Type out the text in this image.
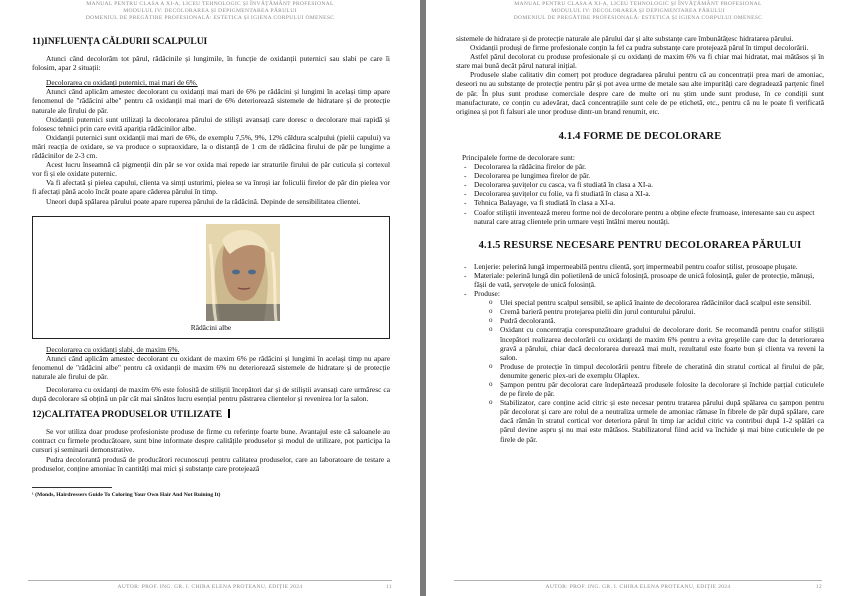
MANUAL PENTRU CLASA A XI-A, LICEU TEHNOLOGIC ȘI ÎNVĂȚĂMÂNT PROFESIONAL
MODULUL IV: DECOLORAREA ȘI DEPIGMENTAREA PĂRULUI
DOMENIUL DE PREGĂTIRE PROFESIONALĂ: ESTETICA ȘI IGIENA CORPULUI OMENESC
11)INFLUENȚA CĂLDURII SCALPULUI

Atunci când decolorăm tot părul, rădăcinile și lungimile, în funcție de oxidanții puternici sau slabi pe care îi folosim, apar 2 situații:

Decolorarea cu oxidanți puternici, mai mari de 6%.

Atunci când aplicăm amestec decolorant cu oxidanți mai mari de 6% pe rădăcini și lungimi în același timp apare fenomenul de "rădăcini albe" pentru că oxidanții mai mari de 6% deteriorează sistemele de hidratare și de protecție naturale ale firului de păr.

Oxidanții puternici sunt utilizați la decolorarea părului de stiliști avansați care doresc o decolorare mai rapidă și folosesc tehnici prin care evită apariția rădăcinilor albe.

Oxidanții puternici sunt oxidanții mai mari de 6%, de exemplu 7,5%, 9%, 12% căldura scalpului (pielii capului) va mări reacția de oxidare, se va produce o supraoxidare, la o distanță de 1 cm de rădăcina firului de păr pe lungime a rădăcinilor de 2-3 cm.

Acest lucru înseamnă că pigmenții din păr se vor oxida mai repede iar straturile firului de păr cuticula și cortexul vor fi și ele oxidate puternic.

Va fi afectată și pielea capului, clienta va simți usturimi, pielea se va înroși iar foliculii firelor de păr din pielea vor fi afectați până acolo încât poate apare căderea părului în timp.

Uneori după spălarea părului poate apare ruperea părului de la rădăcină. Depinde de sensibilitatea clientei.

Rădăcini albe

Decolorarea cu oxidanți slabi, de maxim 6%.

Atunci când aplicăm amestec decolorant cu oxidant de maxim 6% pe rădăcini și lungimi în același timp nu apare fenomenul de "rădăcini albe" pentru că oxidanții de maxim 6% nu deteriorează sistemele de hidratare și de protecție naturale ale firului de păr.

Decolorarea cu oxidanți de maxim 6% este folosită de stiliștii începători dar și de stiliștii avansați care urmăresc ca după decolorare să obțină un păr cât mai sănătos lucru esențial pentru păstrarea clientelor și revenirea lor la salon.

12)CALITATEA PRODUSELOR UTILIZATE

Se vor utiliza doar produse profesioniste produse de firme cu referințe foarte bune. Avantajul este că saloanele au contract cu firmele producătoare, sunt bine informate despre calitățile produselor și modul de utilizare, pot participa la cursuri și seminarii demonstrative.

Pudra decolorantă produsă de producători recunoscuți pentru calitatea produselor, care au laboratoare de testare a produselor, conține amoniac în cantități mai mici și substanțe care protejează

¹ (Monds, Hairdressers Guide To Coloring Your Own Hair And Not Ruining It)
AUTOR: PROF. ING. GR. I. CHIRA ELENA PROTEANU, EDIȚIE 2024	11
MANUAL PENTRU CLASA A XI-A, LICEU TEHNOLOGIC ȘI ÎNVĂȚĂMÂNT PROFESIONAL
MODULUL IV: DECOLORAREA ȘI DEPIGMENTAREA PĂRULUI
DOMENIUL DE PREGĂTIRE PROFESIONALĂ: ESTETICA ȘI IGIENA CORPULUI OMENESC

sistemele de hidratare și de protecție naturale ale părului dar și alte substanțe care îmbunătățesc hidratarea părului.

Oxidanții produși de firme profesionale conțin la fel ca pudra substanțe care protejează părul în timpul decolorării.

Astfel părul decolorat cu produse profesionale și cu oxidanți de maxim 6% va fi chiar mai hidratat, mai mătăsos și în stare mai bună decât părul natural inițial.

Produsele slabe calitativ din comerț pot produce degradarea părului pentru că au concentrații prea mari de amoniac, deseori nu au substanțe de protecție pentru păr și pot avea urme de metale sau alte impurități care degradează parțenic finel de păr. În plus sunt produse comerciale despre care de multe ori nu știm unde sunt produse, în ce condiții sunt manufacturate, ce conțin cu adevărat, dacă concentrațiile sunt cele de pe etichetă, etc., pentru că nu le poate fi verificată originea și pot fi falsuri ale unor produse dintr-un brand renumit, etc.

4.1.4 FORME DE DECOLORARE

Principalele forme de decolorare sunt:

- Decolorarea la rădăcina firelor de păr.
- Decolorarea pe lungimea firelor de păr.
- Decolorarea șuvițelor cu casca, va fi studiată în clasa a XI-a.
- Decolorarea șuvițelor cu folie, va fi studiată în clasa a XI-a.
- Tehnica Balayage, va fi studiată în clasa a XI-a.
- Coafor stiliștii inventează mereu forme noi de decolorare pentru a obține efecte frumoase, interesante sau cu aspect natural care atrag clientele prin urmare vești întâlni mereu noutăți.
4.1.5 RESURSE NECESARE PENTRU DECOLORAREA PĂRULUI
- Lenjerie: pelerină lungă impermeabilă pentru clientă, șorț impermeabil pentru coafor stilist, prosoape pluşate.
- Materiale: pelerină lungă din polietilenă de unică folosință, prosoape de unică folosință, guler de protecție, mănuși, fâșii de vată, șervețele de unică folosință.
- Produse:
o Ulei special pentru scalpul sensibil, se aplică înainte de decolorarea rădăcinilor dacă scalpul este sensibil.
o Cremă barieră pentru protejarea pielii din jurul conturului părului.
o Pudră decolorantă.
o Oxidant cu concentrația corespunzătoare gradului de decolorare dorit. Se recomandă pentru coafor stiliștii începători realizarea decolorării cu oxidanți de maxim 6% pentru a evita greșelile care duc la deteriorarea gravă a părului, chiar dacă decolorarea durează mai mult, rezultatul este foarte bun și clienta va reveni la salon.
o Produse de protecție în timpul decolorării pentru fibrele de cheratină din stratul cortical al firului de păr, denumite generic plex-uri de exemplu Olaplex.
o Șampon pentru păr decolorat care îndepărtează produsele folosite la decolorare și închide parțial cuticulele de pe firele de păr.
o Stabilizator, care conține acid citric și este necesar pentru tratarea părului după spălarea cu șampon pentru păr decolorat și care are rolul de a neutraliza urmele de amoniac rămase în fibrele de păr după spălare, care dacă rămân în stratul cortical vor deteriora părul în timp iar acidul citric va contribui după 1-2 spălări ca părul devine aspru și nu mai este mătăsos. Stabilizatorul fiind acid va închide și mai bine cuticulele de pe firele de păr.
AUTOR: PROF. ING. GR. I. CHIRA ELENA PROTEANU, EDIȚIE 2024	12
